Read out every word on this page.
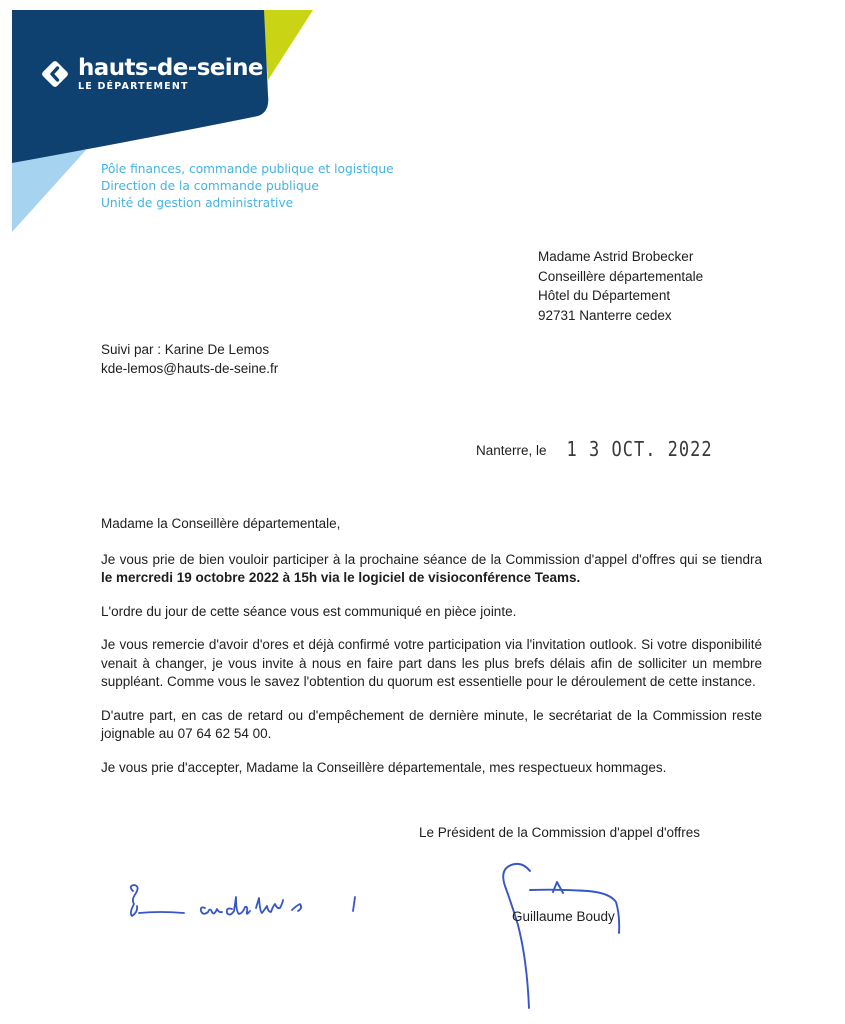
hauts-de-seine
LE DÉPARTEMENT
Pôle finances, commande publique et logistique
Direction de la commande publique
Unité de gestion administrative
Madame Astrid Brobecker
Conseillère départementale
Hôtel du Département
92731 Nanterre cedex
Suivi par : Karine De Lemos
kde-lemos@hauts-de-seine.fr
Nanterre, le 1 3 OCT. 2022

Madame la Conseillère départementale,

Je vous prie de bien vouloir participer à la prochaine séance de la Commission d'appel d'offres qui se tiendra le mercredi 19 octobre 2022 à 15h via le logiciel de visioconférence Teams.

L'ordre du jour de cette séance vous est communiqué en pièce jointe.

Je vous remercie d'avoir d'ores et déjà confirmé votre participation via l'invitation outlook. Si votre disponibilité venait à changer, je vous invite à nous en faire part dans les plus brefs délais afin de solliciter un membre suppléant. Comme vous le savez l'obtention du quorum est essentielle pour le déroulement de cette instance.

D'autre part, en cas de retard ou d'empêchement de dernière minute, le secrétariat de la Commission reste joignable au 07 64 62 54 00.

Je vous prie d'accepter, Madame la Conseillère départementale, mes respectueux hommages.

Le Président de la Commission d'appel d'offres
Guillaume Boudy
